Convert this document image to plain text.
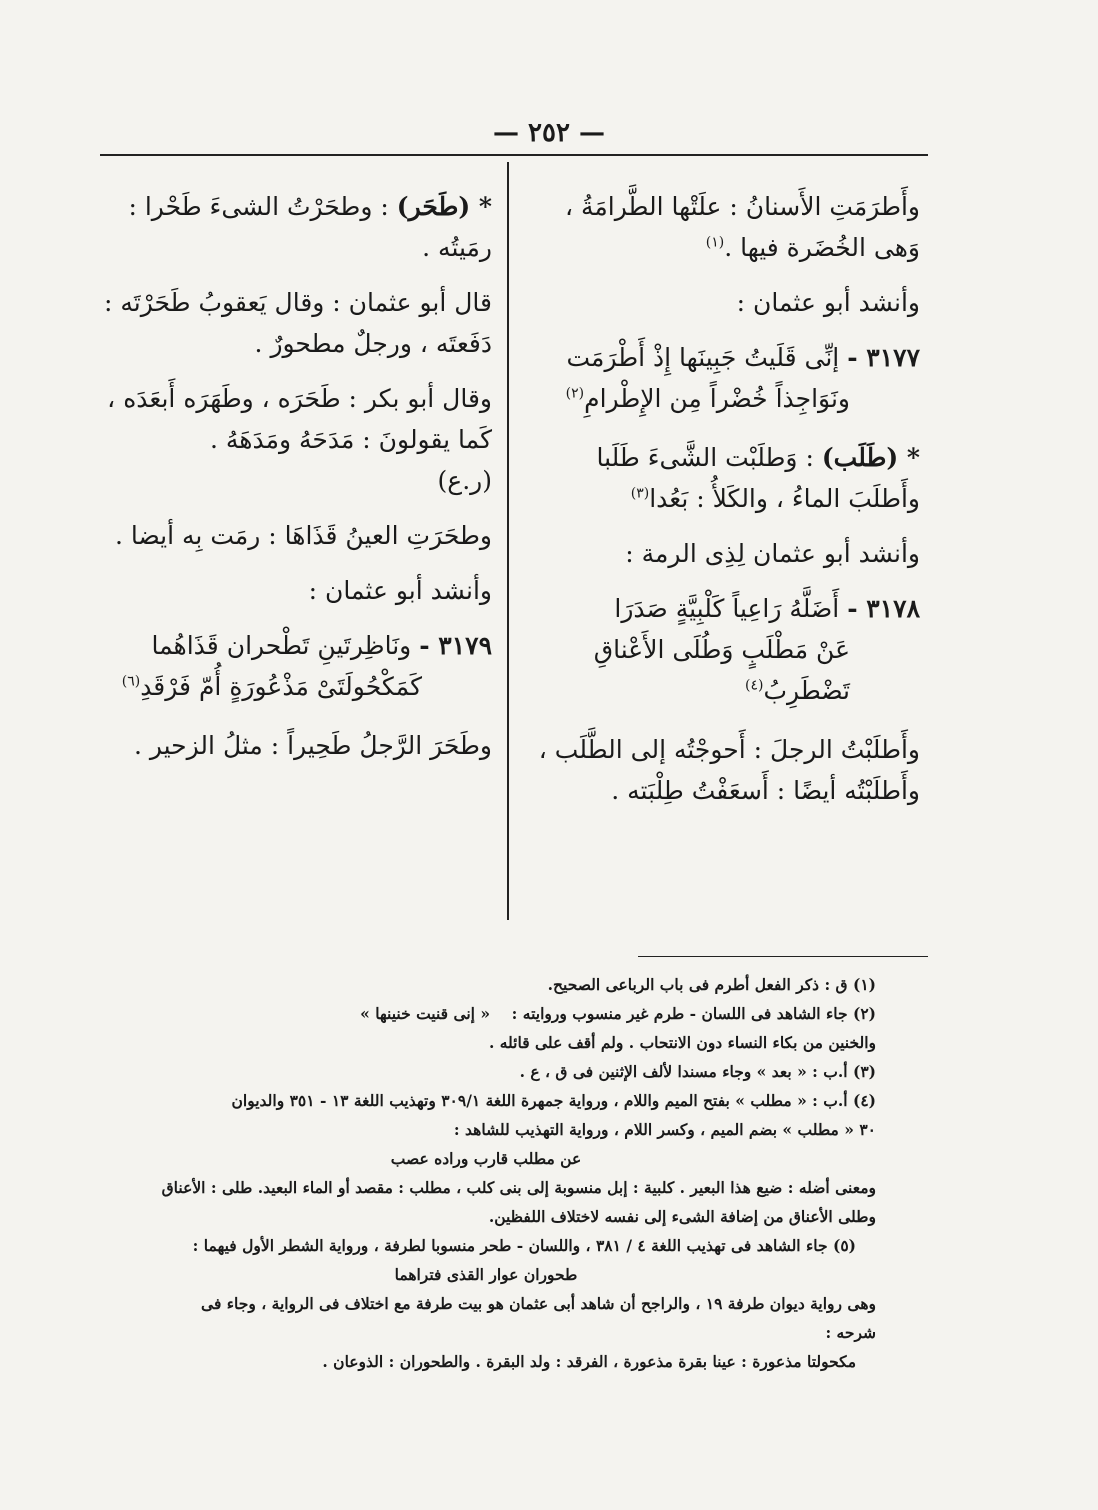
— ٢٥٢ —

وأَطرَمَتِ الأَسنانُ : علَتْها الطَّرامَةُ ، وَهى الخُضَرة فيها .$^{(١)}$

وأنشد أبو عثمان :

٣١٧٧ - إنِّى قَلَيتُ جَبِينَها إِذْ أَطْرَمَت
ونَوَاجِذاً خُضْراً مِن الإِطْرامِ$^{(٢)}$

* (طَلَب) : وَطلَبْت الشَّىءَ طَلَبا وأَطلَبَ الماءُ ، والكَلأُ : بَعُدا$^{(٣)}$

وأنشد أبو عثمان لِذِى الرمة :

٣١٧٨ - أَضَلَّهُ رَاعِياً كَلْبِيَّةٍ صَدَرَا
عَنْ مَطْلَبٍ وَطُلَى الأَعْناقِ تَضْطَرِبُ$^{(٤)}$

وأَطلَبْتُ الرجلَ : أَحوجْتُه إلى الطَّلَب ، وأَطلَبْتُه أيضًا : أَسعَفْتُ طِلْبَته .

* (طَحَر) : وطحَرْتُ الشىءَ طَحْرا : رمَيتُه .

قال أبو عثمان : وقال يَعقوبُ طَحَرْتَه : دَفَعتَه ، ورجلٌ مطحورٌ .

وقال أبو بكر : طَحَرَه ، وطَهَرَه أَبعَدَه ، كَما يقولونَ : مَدَحَهُ ومَدَهَهُ .
(ر.ع)

وطحَرَتِ العينُ قَذَاهَا : رمَت بِه أيضا .

وأنشد أبو عثمان :

٣١٧٩ - ونَاظِرتَينِ تَطْحران قَذَاهُما
كَمَكْحُولَتَىْ مَذْعُورَةٍ أُمّ فَرْقَدِ$^{(٦)}$

وطَحَرَ الرَّجلُ طَحِيراً : مثلُ الزحير .

(١) ق : ذكر الفعل أطرم فى باب الرباعى الصحيح.
(٢) جاء الشاهد فى اللسان - طرم غير منسوب وروايته :    « إنى قنيت خنينها »
والخنين من بكاء النساء دون الانتحاب . ولم أقف على قائله .
(٣) أ.ب : « بعد » وجاء مسندا لألف الإثنين فى ق ، ع .
(٤) أ.ب : « مطلب » بفتح الميم واللام ، ورواية جمهرة اللغة ٣٠٩/١ وتهذيب اللغة ١٣ - ٣٥١ والديوان
٣٠ « مطلب » بضم الميم ، وكسر اللام ، ورواية التهذيب للشاهد :
عن مطلب قارب وراده عصب
ومعنى أضله : ضيع هذا البعير . كلبية : إبل منسوبة إلى بنى كلب ، مطلب : مقصد أو الماء البعيد. طلى : الأعناق
وطلى الأعناق من إضافة الشىء إلى نفسه لاختلاف اللفظين.
(٥) جاء الشاهد فى تهذيب اللغة ٤ / ٣٨١ ، واللسان - طحر منسوبا لطرفة ، ورواية الشطر الأول فيهما :
طحوران عوار القذى فتراهما
وهى رواية ديوان طرفة ١٩ ، والراجح أن شاهد أبى عثمان هو بيت طرفة مع اختلاف فى الرواية ، وجاء فى
شرحه :
مكحولتا مذعورة : عينا بقرة مذعورة ، الفرقد : ولد البقرة . والطحوران : الذوعان .
